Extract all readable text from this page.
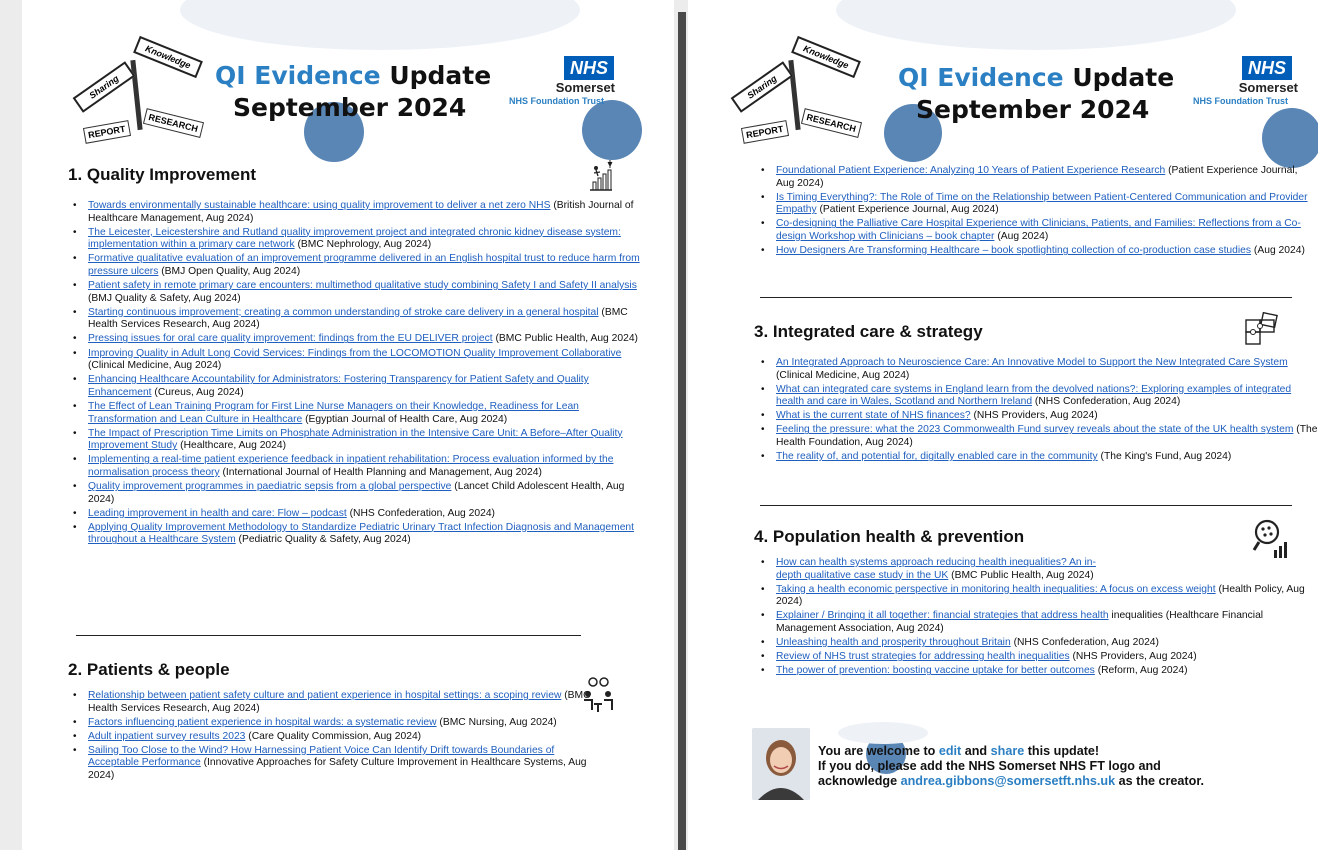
Sharing
Knowledge
REPORT	RESEARCH
QI Evidence Update
September 2024
NHS
Somerset
NHS Foundation Trust
1. Quality Improvement
• Towards environmentally sustainable healthcare: using quality improvement to deliver a net zero NHS (British Journal of Healthcare Management, Aug 2024)
• The Leicester, Leicestershire and Rutland quality improvement project and integrated chronic kidney disease system: implementation within a primary care network (BMC Nephrology, Aug 2024)
• Formative qualitative evaluation of an improvement programme delivered in an English hospital trust to reduce harm from pressure ulcers (BMJ Open Quality, Aug 2024)
• Patient safety in remote primary care encounters: multimethod qualitative study combining Safety I and Safety II analysis (BMJ Quality & Safety, Aug 2024)
• Starting continuous improvement; creating a common understanding of stroke care delivery in a general hospital (BMC Health Services Research, Aug 2024)
• Pressing issues for oral care quality improvement: findings from the EU DELIVER project (BMC Public Health, Aug 2024)
• Improving Quality in Adult Long Covid Services: Findings from the LOCOMOTION Quality Improvement Collaborative (Clinical Medicine, Aug 2024)
• Enhancing Healthcare Accountability for Administrators: Fostering Transparency for Patient Safety and Quality Enhancement (Cureus, Aug 2024)
• The Effect of Lean Training Program for First Line Nurse Managers on their Knowledge, Readiness for Lean Transformation and Lean Culture in Healthcare (Egyptian Journal of Health Care, Aug 2024)
• The Impact of Prescription Time Limits on Phosphate Administration in the Intensive Care Unit: A Before–After Quality Improvement Study (Healthcare, Aug 2024)
• Implementing a real-time patient experience feedback in inpatient rehabilitation: Process evaluation informed by the normalisation process theory (International Journal of Health Planning and Management, Aug 2024)
• Quality improvement programmes in paediatric sepsis from a global perspective (Lancet Child Adolescent Health, Aug 2024)
• Leading improvement in health and care: Flow – podcast (NHS Confederation, Aug 2024)
• Applying Quality Improvement Methodology to Standardize Pediatric Urinary Tract Infection Diagnosis and Management throughout a Healthcare System (Pediatric Quality & Safety, Aug 2024)
2. Patients & people
• Relationship between patient safety culture and patient experience in hospital settings: a scoping review (BMC Health Services Research, Aug 2024)
• Factors influencing patient experience in hospital wards: a systematic review (BMC Nursing, Aug 2024)
• Adult inpatient survey results 2023 (Care Quality Commission, Aug 2024)
• Sailing Too Close to the Wind? How Harnessing Patient Voice Can Identify Drift towards Boundaries of Acceptable Performance (Innovative Approaches for Safety Culture Improvement in Healthcare Systems, Aug 2024)
Sharing
Knowledge
REPORT	RESEARCH
QI Evidence Update
September 2024
NHS
Somerset
NHS Foundation Trust
• Foundational Patient Experience: Analyzing 10 Years of Patient Experience Research (Patient Experience Journal, Aug 2024)
• Is Timing Everything?: The Role of Time on the Relationship between Patient-Centered Communication and Provider Empathy (Patient Experience Journal, Aug 2024)
• Co-designing the Palliative Care Hospital Experience with Clinicians, Patients, and Families: Reflections from a Co-design Workshop with Clinicians – book chapter (Aug 2024)
• How Designers Are Transforming Healthcare – book spotlighting collection of co-production case studies (Aug 2024)
3. Integrated care & strategy
• An Integrated Approach to Neuroscience Care: An Innovative Model to Support the New Integrated Care System (Clinical Medicine, Aug 2024)
• What can integrated care systems in England learn from the devolved nations?: Exploring examples of integrated health and care in Wales, Scotland and Northern Ireland (NHS Confederation, Aug 2024)
• What is the current state of NHS finances? (NHS Providers, Aug 2024)
• Feeling the pressure: what the 2023 Commonwealth Fund survey reveals about the state of the UK health system (The Health Foundation, Aug 2024)
• The reality of, and potential for, digitally enabled care in the community (The King's Fund, Aug 2024)
4. Population health & prevention
• How can health systems approach reducing health inequalities? An in-depth qualitative case study in the UK (BMC Public Health, Aug 2024)
• Taking a health economic perspective in monitoring health inequalities: A focus on excess weight (Health Policy, Aug 2024)
• Explainer / Bringing it all together: financial strategies that address health inequalities (Healthcare Financial Management Association, Aug 2024)
• Unleashing health and prosperity throughout Britain (NHS Confederation, Aug 2024)
• Review of NHS trust strategies for addressing health inequalities (NHS Providers, Aug 2024)
• The power of prevention: boosting vaccine uptake for better outcomes (Reform, Aug 2024)
You are welcome to edit and share this update!
If you do, please add the NHS Somerset NHS FT logo and
acknowledge andrea.gibbons@somersetft.nhs.uk as the creator.
